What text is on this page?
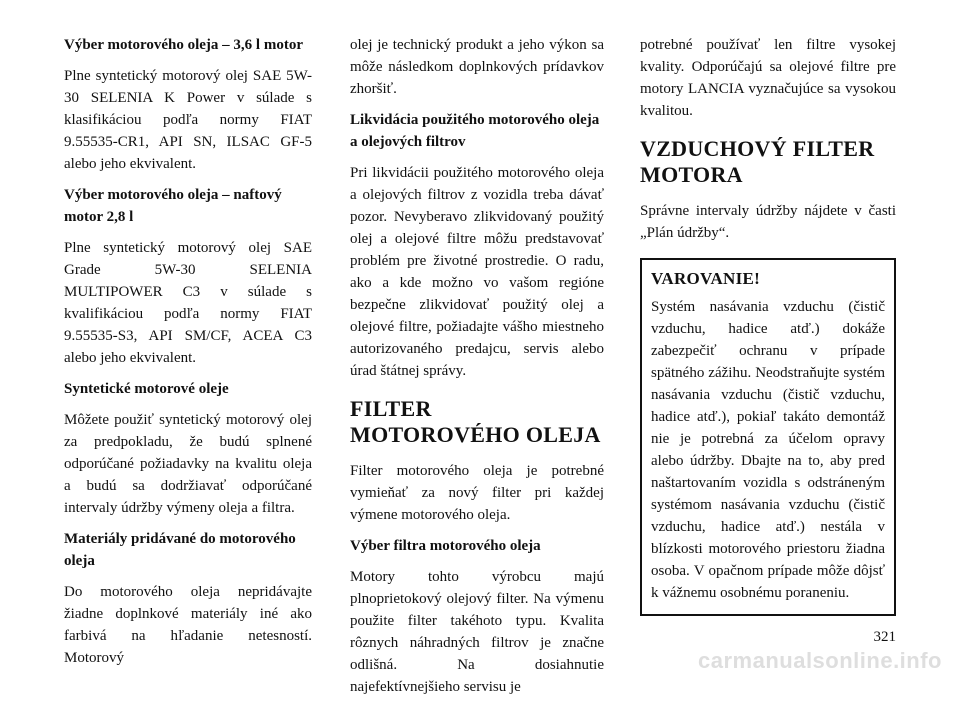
Výber motorového oleja – 3,6 l motor

Plne syntetický motorový olej SAE 5W-30 SELENIA K Power v súlade s klasifikáciou podľa normy FIAT 9.55535-CR1, API SN, ILSAC GF-5 alebo jeho ekvivalent.

Výber motorového oleja – naftový motor 2,8 l

Plne syntetický motorový olej SAE Grade 5W-30 SELENIA MULTIPOWER C3 v súlade s kvalifikáciou podľa normy FIAT 9.55535-S3, API SM/CF, ACEA C3 alebo jeho ekvivalent.

Syntetické motorové oleje

Môžete použiť syntetický motorový olej za predpokladu, že budú splnené odporúčané požiadavky na kvalitu oleja a budú sa dodržiavať odporúčané intervaly údržby výmeny oleja a filtra.

Materiály pridávané do motorového oleja

Do motorového oleja nepridávajte žiadne doplnkové materiály iné ako farbivá na hľadanie netesností. Motorový

olej je technický produkt a jeho výkon sa môže následkom doplnkových prídavkov zhoršiť.

Likvidácia použitého motorového oleja a olejových filtrov

Pri likvidácii použitého motorového oleja a olejových filtrov z vozidla treba dávať pozor. Nevyberavo zlikvidovaný použitý olej a olejové filtre môžu predstavovať problém pre životné prostredie. O radu, ako a kde možno vo vašom regióne bezpečne zlikvidovať použitý olej a olejové filtre, požiadajte vášho miestneho autorizovaného predajcu, servis alebo úrad štátnej správy.

FILTER MOTOROVÉHO OLEJA

Filter motorového oleja je potrebné vymieňať za nový filter pri každej výmene motorového oleja.

Výber filtra motorového oleja

Motory tohto výrobcu majú plnoprietokový olejový filter. Na výmenu použite filter takéhoto typu. Kvalita rôznych náhradných filtrov je značne odlišná. Na dosiahnutie najefektívnejšieho servisu je

potrebné používať len filtre vysokej kvality. Odporúčajú sa olejové filtre pre motory LANCIA vyznačujúce sa vysokou kvalitou.

VZDUCHOVÝ FILTER MOTORA

Správne intervaly údržby nájdete v časti „Plán údržby“.

VAROVANIE!

Systém nasávania vzduchu (čistič vzduchu, hadice atď.) dokáže zabezpečiť ochranu v prípade spätného zážihu. Neodstraňujte systém nasávania vzduchu (čistič vzduchu, hadice atď.), pokiaľ takáto demontáž nie je potrebná za účelom opravy alebo údržby. Dbajte na to, aby pred naštartovaním vozidla s odstráneným systémom nasávania vzduchu (čistič vzduchu, hadice atď.) nestála v blízkosti motorového priestoru žiadna osoba. V opačnom prípade môže dôjsť k vážnemu osobnému poraneniu.

321
carmanualsonline.info
